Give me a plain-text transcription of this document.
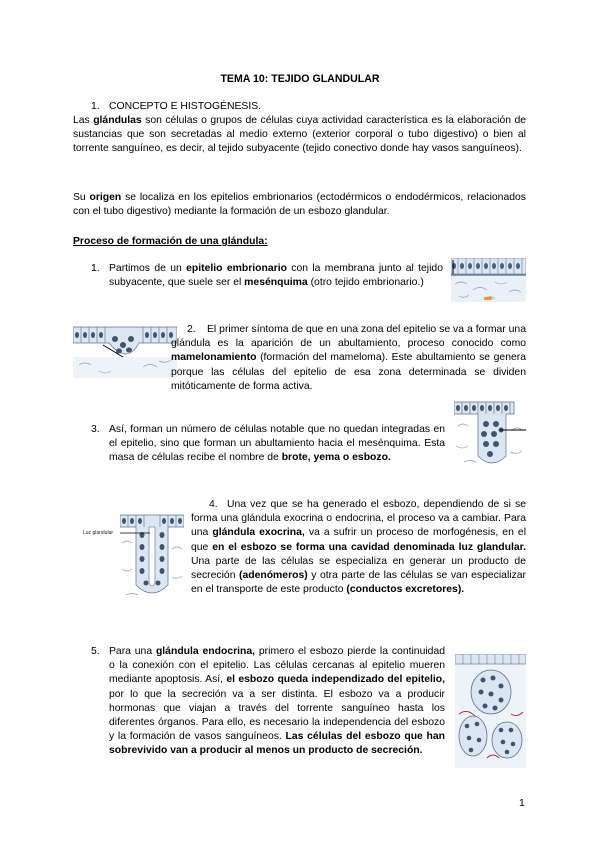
TEMA 10: TEJIDO GLANDULAR
1. CONCEPTO E HISTOGÉNESIS.

Las glándulas son células o grupos de células cuya actividad característica es la elaboración de sustancias que son secretadas al medio externo (exterior corporal o tubo digestivo) o bien al torrente sanguíneo, es decir, al tejido subyacente (tejido conectivo donde hay vasos sanguíneos).

Su origen se localiza en los epitelios embrionarios (ectodérmicos o endodérmicos, relacionados con el tubo digestivo) mediante la formación de un esbozo glandular.

Proceso de formación de una glándula:
1. Partimos de un epitelio embrionario con la membrana junto al tejido subyacente, que suele ser el mesénquima (otro tejido embrionario.)

2.	El primer síntoma de que en una zona del epitelio se va a formar una glándula es la aparición de un abultamiento, proceso conocido como mamelonamiento (formación del mameloma). Este abultamiento se genera porque las células del epitelio de esa zona determinada se dividen mitóticamente de forma activa.

3. Así, forman un número de células notable que no quedan integradas en el epitelio, sino que forman un abultamiento hacia el mesénquima. Esta masa de células recibe el nombre de brote, yema o esbozo.

Luz glandular
4. Una vez que se ha generado el esbozo, dependiendo de si se forma una glándula exocrina o endocrina, el proceso va a cambiar. Para una glándula exocrina, va a sufrir un proceso de morfogénesis, en el que en el esbozo se forma una cavidad denominada luz glandular. Una parte de las células se especializa en generar un producto de secreción (adenómeros) y otra parte de las células se van especializar en el transporte de este producto (conductos excretores).

5. Para una glándula endocrina, primero el esbozo pierde la continuidad o la conexión con el epitelio. Las células cercanas al epitelio mueren mediante apoptosis. Así, el esbozo queda independizado del epitelio, por lo que la secreción va a ser distinta. El esbozo va a producir hormonas que viajan a través del torrente sanguíneo hasta los diferentes órganos. Para ello, es necesario la independencia del esbozo y la formación de vasos sanguíneos. Las células del esbozo que han sobrevivido van a producir al menos un producto de secreción.

1
